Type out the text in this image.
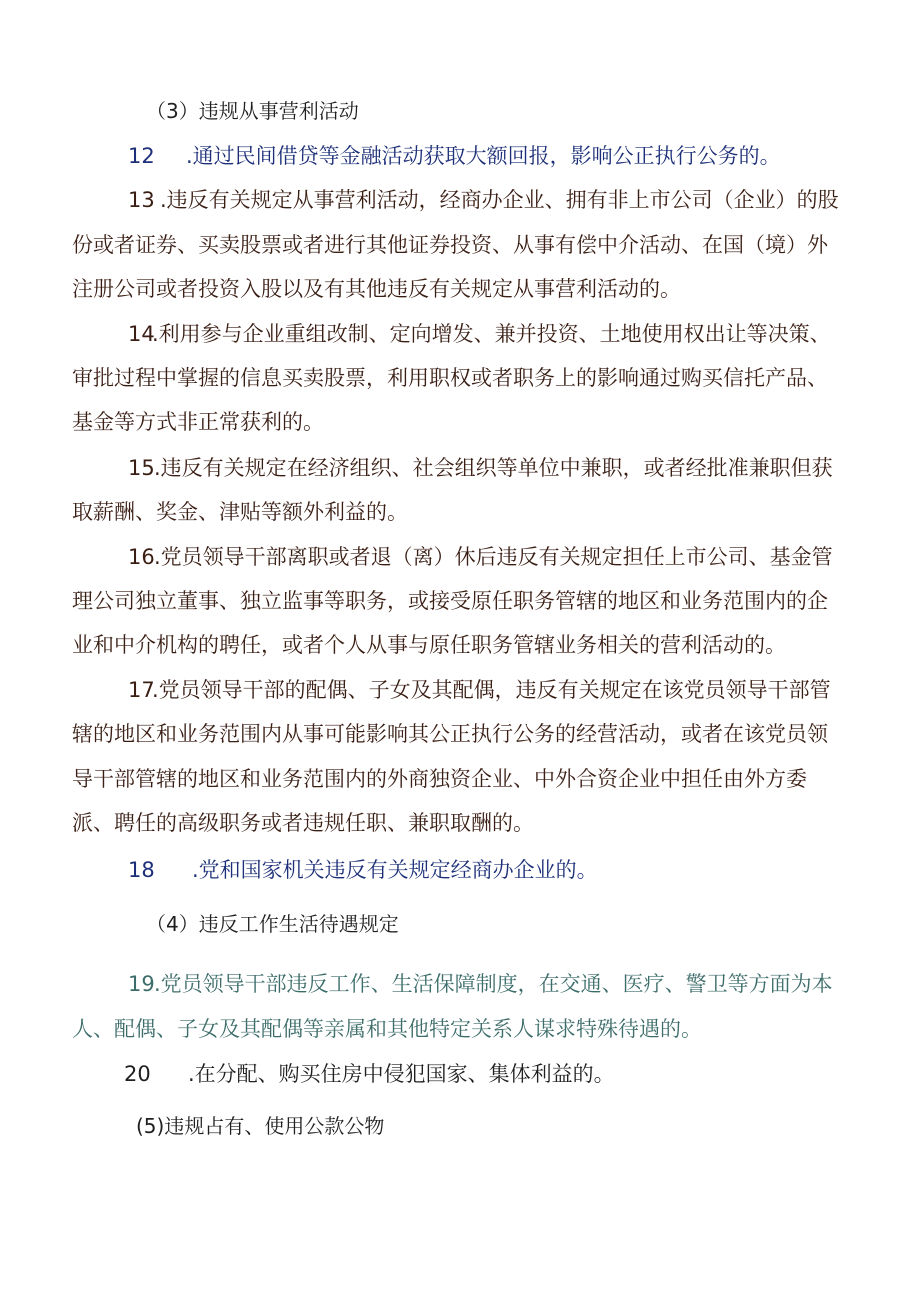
（3）违规从事营利活动
12 .通过民间借贷等金融活动获取大额回报，影响公正执行公务的。
13 .违反有关规定从事营利活动，经商办企业、拥有非上市公司（企业）的股
份或者证券、买卖股票或者进行其他证券投资、从事有偿中介活动、在国（境）外
注册公司或者投资入股以及有其他违反有关规定从事营利活动的。
14.利用参与企业重组改制、定向增发、兼并投资、土地使用权出让等决策、
审批过程中掌握的信息买卖股票，利用职权或者职务上的影响通过购买信托产品、
基金等方式非正常获利的。
15.违反有关规定在经济组织、社会组织等单位中兼职，或者经批准兼职但获
取薪酬、奖金、津贴等额外利益的。
16.党员领导干部离职或者退（离）休后违反有关规定担任上市公司、基金管
理公司独立董事、独立监事等职务，或接受原任职务管辖的地区和业务范围内的企
业和中介机构的聘任，或者个人从事与原任职务管辖业务相关的营利活动的。
17.党员领导干部的配偶、子女及其配偶，违反有关规定在该党员领导干部管
辖的地区和业务范围内从事可能影响其公正执行公务的经营活动，或者在该党员领
导干部管辖的地区和业务范围内的外商独资企业、中外合资企业中担任由外方委
派、聘任的高级职务或者违规任职、兼职取酬的。
18 .党和国家机关违反有关规定经商办企业的。
（4）违反工作生活待遇规定
19.党员领导干部违反工作、生活保障制度，在交通、医疗、警卫等方面为本
人、配偶、子女及其配偶等亲属和其他特定关系人谋求特殊待遇的。
20 .在分配、购买住房中侵犯国家、集体利益的。
(5)违规占有、使用公款公物
